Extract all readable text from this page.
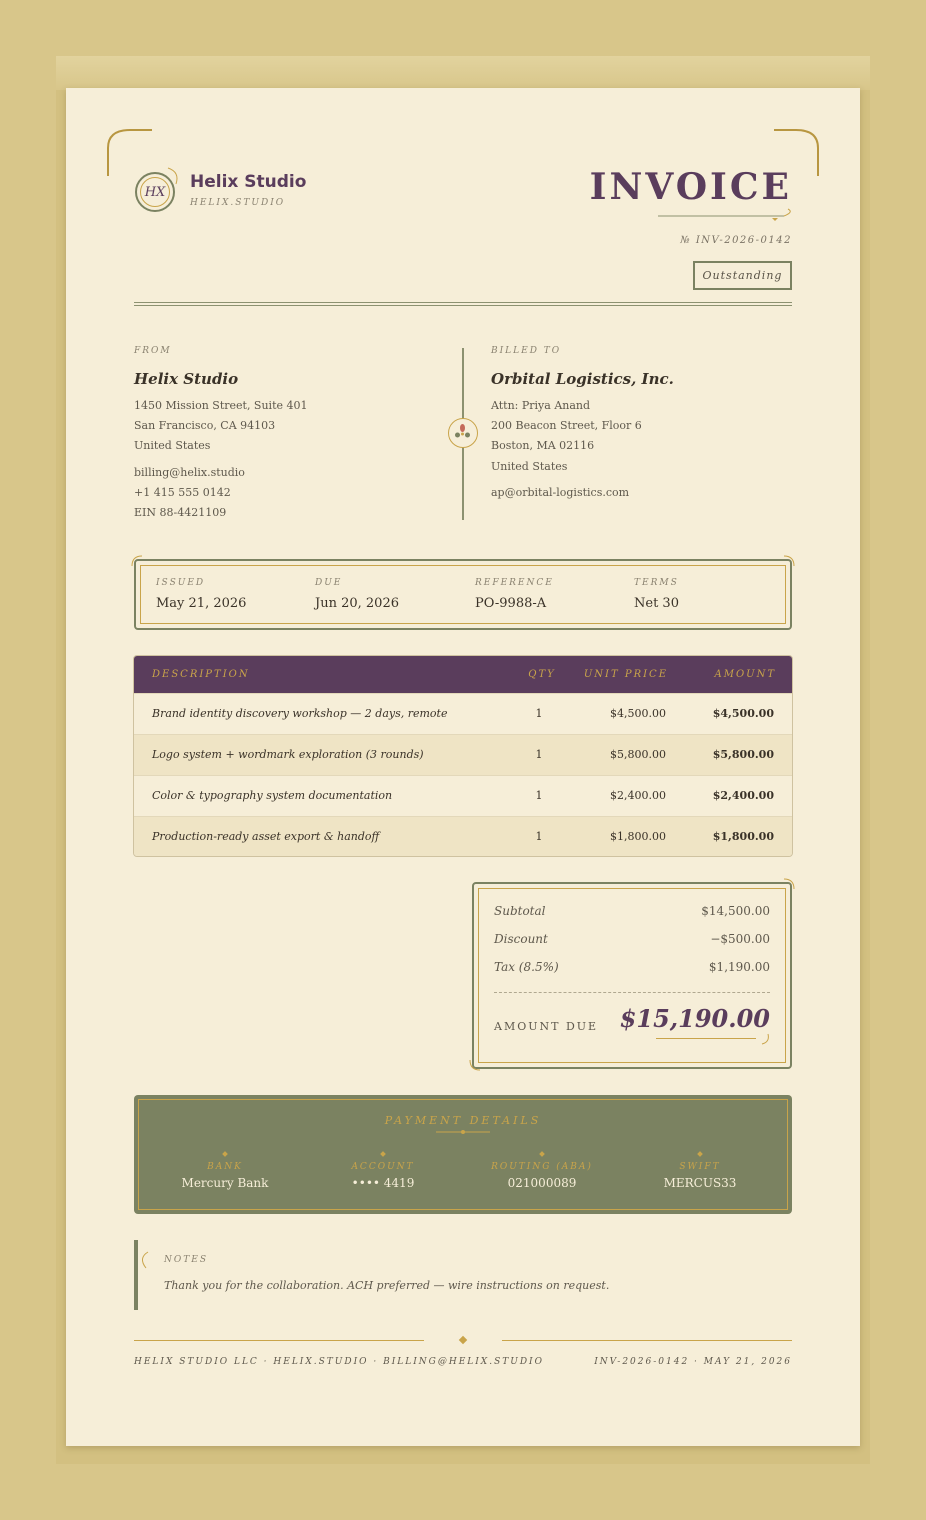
HX
Helix Studio
HELIX.STUDIO	INVOICE
№ INV-2026-0142
Outstanding
FROM
Helix Studio
1450 Mission Street, Suite 401
San Francisco, CA 94103
United States
billing@helix.studio
+1 415 555 0142
EIN 88-4421109
BILLED TO
Orbital Logistics, Inc.
Attn: Priya Anand
200 Beacon Street, Floor 6
Boston, MA 02116
United States
ap@orbital-logistics.com
ISSUED
May 21, 2026
DUE
Jun 20, 2026
REFERENCE
PO-9988-A
TERMS
Net 30
DESCRIPTION	QTY	UNIT PRICE	AMOUNT
Brand identity discovery workshop — 2 days, remote	1	$4,500.00	$4,500.00
Logo system + wordmark exploration (3 rounds)	1	$5,800.00	$5,800.00
Color & typography system documentation	1	$2,400.00	$2,400.00
Production-ready asset export & handoff	1	$1,800.00	$1,800.00
Subtotal	$14,500.00
Discount	−$500.00
Tax (8.5%)	$1,190.00
AMOUNT DUE $15,190.00
PAYMENT DETAILS
BANK
Mercury Bank
ACCOUNT
•••• 4419
ROUTING (ABA)
021000089
SWIFT
MERCUS33
NOTES
Thank you for the collaboration. ACH preferred — wire instructions on request.
HELIX STUDIO LLC · HELIX.STUDIO · BILLING@HELIX.STUDIO	INV-2026-0142 · MAY 21, 2026
